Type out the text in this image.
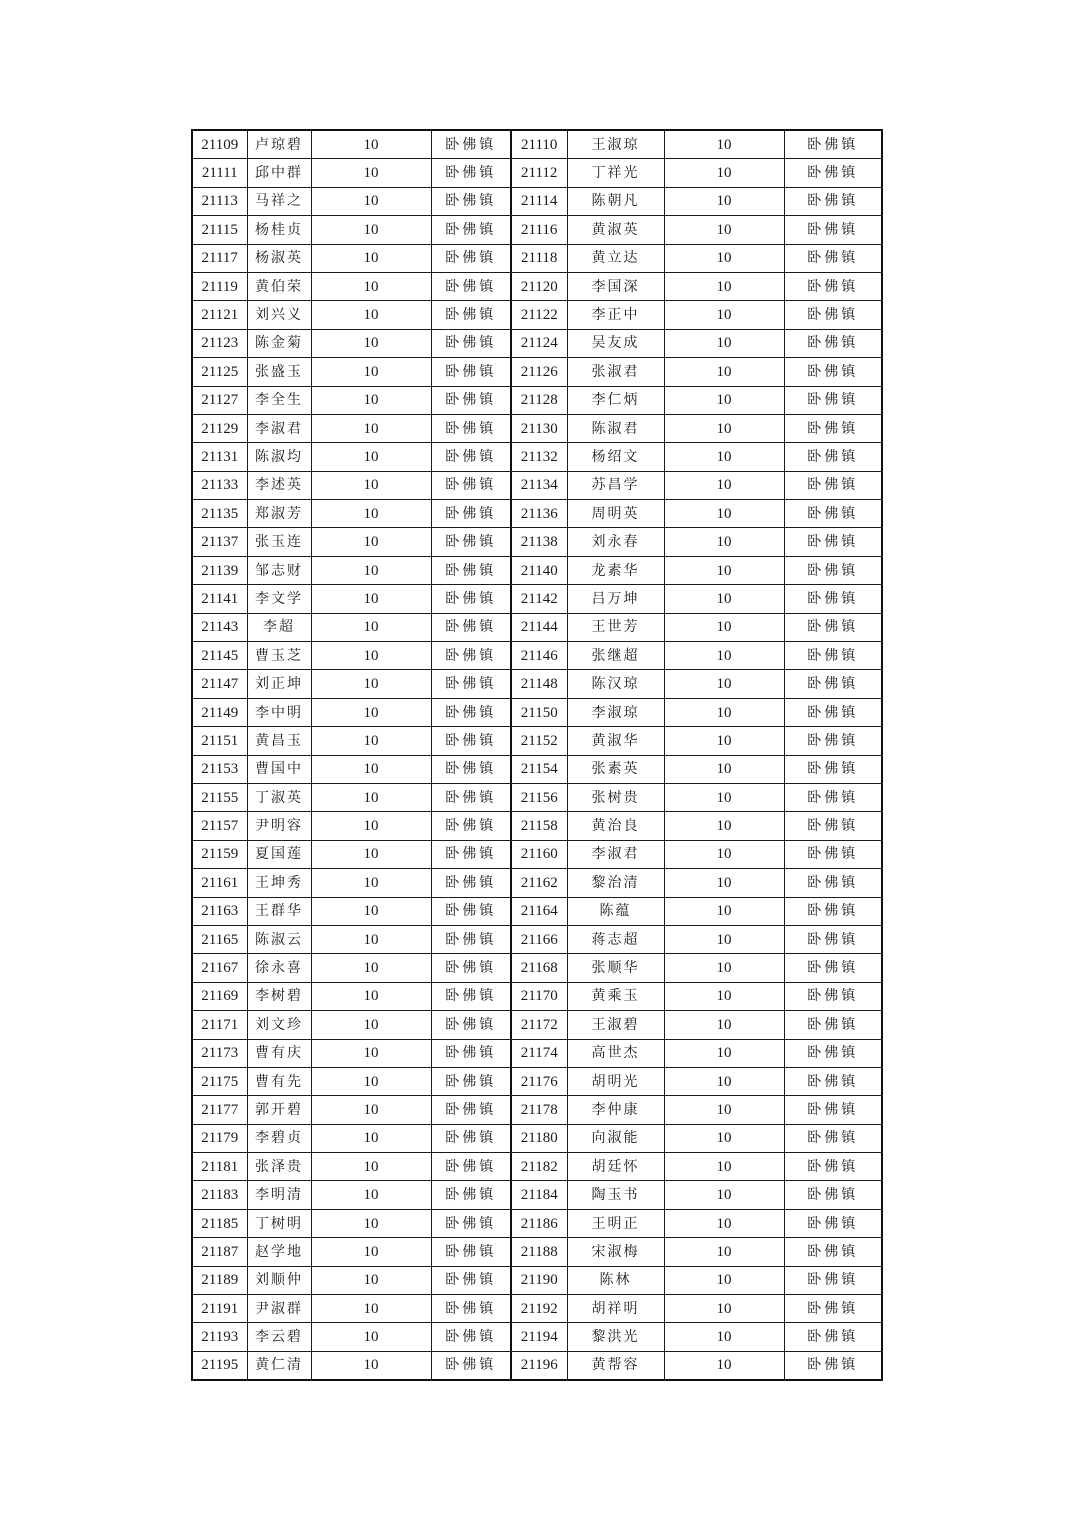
21109	卢琼碧	10	卧佛镇	21110	王淑琼	10	卧佛镇
21111	邱中群	10	卧佛镇	21112	丁祥光	10	卧佛镇
21113	马祥之	10	卧佛镇	21114	陈朝凡	10	卧佛镇
21115	杨桂贞	10	卧佛镇	21116	黄淑英	10	卧佛镇
21117	杨淑英	10	卧佛镇	21118	黄立达	10	卧佛镇
21119	黄伯荣	10	卧佛镇	21120	李国深	10	卧佛镇
21121	刘兴义	10	卧佛镇	21122	李正中	10	卧佛镇
21123	陈金菊	10	卧佛镇	21124	吴友成	10	卧佛镇
21125	张盛玉	10	卧佛镇	21126	张淑君	10	卧佛镇
21127	李全生	10	卧佛镇	21128	李仁炳	10	卧佛镇
21129	李淑君	10	卧佛镇	21130	陈淑君	10	卧佛镇
21131	陈淑均	10	卧佛镇	21132	杨绍文	10	卧佛镇
21133	李述英	10	卧佛镇	21134	苏昌学	10	卧佛镇
21135	郑淑芳	10	卧佛镇	21136	周明英	10	卧佛镇
21137	张玉连	10	卧佛镇	21138	刘永春	10	卧佛镇
21139	邹志财	10	卧佛镇	21140	龙素华	10	卧佛镇
21141	李文学	10	卧佛镇	21142	吕万坤	10	卧佛镇
21143	李超	10	卧佛镇	21144	王世芳	10	卧佛镇
21145	曹玉芝	10	卧佛镇	21146	张继超	10	卧佛镇
21147	刘正坤	10	卧佛镇	21148	陈汉琼	10	卧佛镇
21149	李中明	10	卧佛镇	21150	李淑琼	10	卧佛镇
21151	黄昌玉	10	卧佛镇	21152	黄淑华	10	卧佛镇
21153	曹国中	10	卧佛镇	21154	张素英	10	卧佛镇
21155	丁淑英	10	卧佛镇	21156	张树贵	10	卧佛镇
21157	尹明容	10	卧佛镇	21158	黄治良	10	卧佛镇
21159	夏国莲	10	卧佛镇	21160	李淑君	10	卧佛镇
21161	王坤秀	10	卧佛镇	21162	黎治清	10	卧佛镇
21163	王群华	10	卧佛镇	21164	陈蕴	10	卧佛镇
21165	陈淑云	10	卧佛镇	21166	蒋志超	10	卧佛镇
21167	徐永喜	10	卧佛镇	21168	张顺华	10	卧佛镇
21169	李树碧	10	卧佛镇	21170	黄乘玉	10	卧佛镇
21171	刘文珍	10	卧佛镇	21172	王淑碧	10	卧佛镇
21173	曹有庆	10	卧佛镇	21174	高世杰	10	卧佛镇
21175	曹有先	10	卧佛镇	21176	胡明光	10	卧佛镇
21177	郭开碧	10	卧佛镇	21178	李仲康	10	卧佛镇
21179	李碧贞	10	卧佛镇	21180	向淑能	10	卧佛镇
21181	张泽贵	10	卧佛镇	21182	胡廷怀	10	卧佛镇
21183	李明清	10	卧佛镇	21184	陶玉书	10	卧佛镇
21185	丁树明	10	卧佛镇	21186	王明正	10	卧佛镇
21187	赵学地	10	卧佛镇	21188	宋淑梅	10	卧佛镇
21189	刘顺仲	10	卧佛镇	21190	陈林	10	卧佛镇
21191	尹淑群	10	卧佛镇	21192	胡祥明	10	卧佛镇
21193	李云碧	10	卧佛镇	21194	黎洪光	10	卧佛镇
21195	黄仁清	10	卧佛镇	21196	黄帮容	10	卧佛镇
